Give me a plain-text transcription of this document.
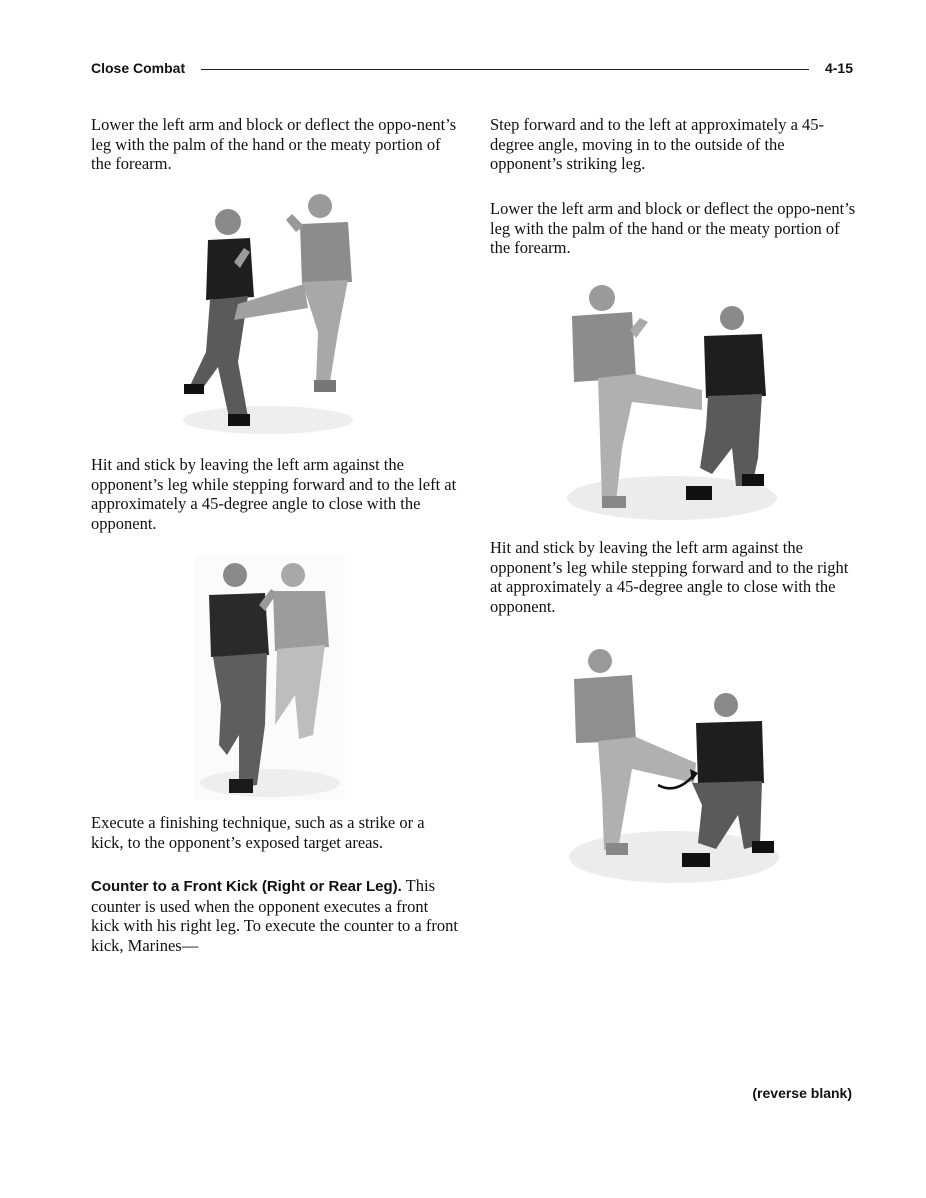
Close Combat	4-15

Lower the left arm and block or deflect the oppo-nent’s leg with the palm of the hand or the meaty portion of the forearm.

Hit and stick by leaving the left arm against the opponent’s leg while stepping forward and to the left at approximately a 45-degree angle to close with the opponent.

Execute a finishing technique, such as a strike or a kick, to the opponent’s exposed target areas.

Counter to a Front Kick (Right or Rear Leg). This counter is used when the opponent executes a front kick with his right leg. To execute the counter to a front kick, Marines—

Step forward and to the left at approximately a 45-degree angle, moving in to the outside of the opponent’s striking leg.

Lower the left arm and block or deflect the oppo-nent’s leg with the palm of the hand or the meaty portion of the forearm.

Hit and stick by leaving the left arm against the opponent’s leg while stepping forward and to the right at approximately a 45-degree angle to close with the opponent.

(reverse blank)
